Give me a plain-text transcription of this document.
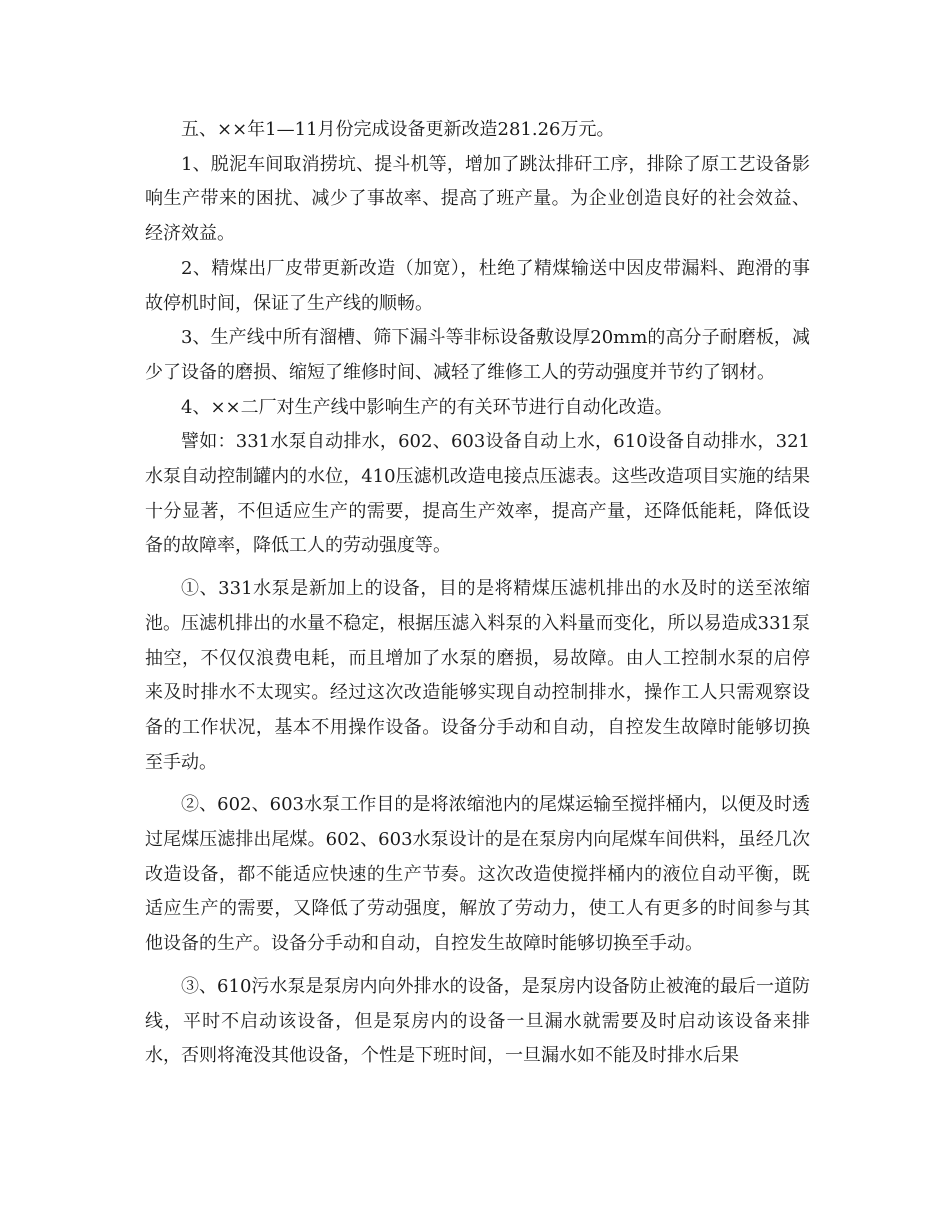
五、××年1—11月份完成设备更新改造281.26万元。

1、脱泥车间取消捞坑、提斗机等，增加了跳汰排矸工序，排除了原工艺设备影响生产带来的困扰、减少了事故率、提高了班产量。为企业创造良好的社会效益、经济效益。

2、精煤出厂皮带更新改造（加宽），杜绝了精煤输送中因皮带漏料、跑滑的事故停机时间，保证了生产线的顺畅。

3、生产线中所有溜槽、筛下漏斗等非标设备敷设厚20mm的高分子耐磨板，减少了设备的磨损、缩短了维修时间、减轻了维修工人的劳动强度并节约了钢材。

4、××二厂对生产线中影响生产的有关环节进行自动化改造。

譬如：331水泵自动排水，602、603设备自动上水，610设备自动排水，321水泵自动控制罐内的水位，410压滤机改造电接点压滤表。这些改造项目实施的结果十分显著，不但适应生产的需要，提高生产效率，提高产量，还降低能耗，降低设备的故障率，降低工人的劳动强度等。

①、331水泵是新加上的设备，目的是将精煤压滤机排出的水及时的送至浓缩池。压滤机排出的水量不稳定，根据压滤入料泵的入料量而变化，所以易造成331泵抽空，不仅仅浪费电耗，而且增加了水泵的磨损，易故障。由人工控制水泵的启停来及时排水不太现实。经过这次改造能够实现自动控制排水，操作工人只需观察设备的工作状况，基本不用操作设备。设备分手动和自动，自控发生故障时能够切换至手动。

②、602、603水泵工作目的是将浓缩池内的尾煤运输至搅拌桶内，以便及时透过尾煤压滤排出尾煤。602、603水泵设计的是在泵房内向尾煤车间供料，虽经几次改造设备，都不能适应快速的生产节奏。这次改造使搅拌桶内的液位自动平衡，既适应生产的需要，又降低了劳动强度，解放了劳动力，使工人有更多的时间参与其他设备的生产。设备分手动和自动，自控发生故障时能够切换至手动。

③、610污水泵是泵房内向外排水的设备，是泵房内设备防止被淹的最后一道防线，平时不启动该设备，但是泵房内的设备一旦漏水就需要及时启动该设备来排水，否则将淹没其他设备，个性是下班时间，一旦漏水如不能及时排水后果
